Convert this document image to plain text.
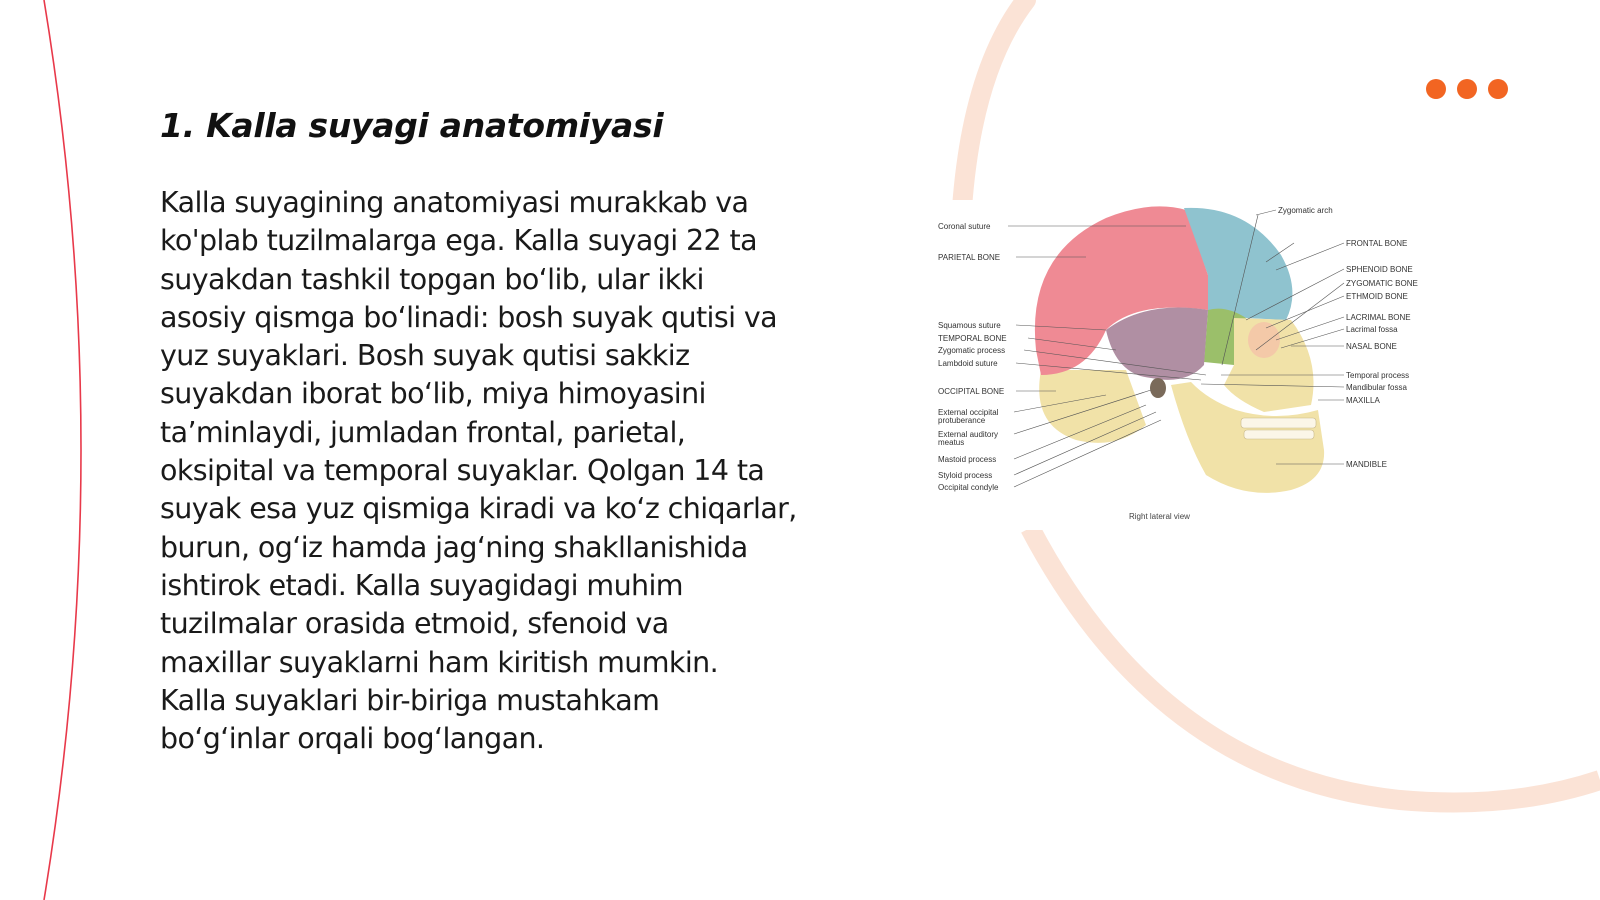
1. Kalla suyagi anatomiyasi

Kalla suyagining anatomiyasi murakkab va
ko'plab tuzilmalarga ega. Kalla suyagi 22 ta
suyakdan tashkil topgan bo‘lib, ular ikki
asosiy qismga bo‘linadi: bosh suyak qutisi va
yuz suyaklari. Bosh suyak qutisi sakkiz
suyakdan iborat bo‘lib, miya himoyasini
ta’minlaydi, jumladan frontal, parietal,
oksipital va temporal suyaklar. Qolgan 14 ta
suyak esa yuz qismiga kiradi va ko‘z chiqarlar,
burun, og‘iz hamda jag‘ning shakllanishida
ishtirok etadi. Kalla suyagidagi muhim
tuzilmalar orasida etmoid, sfenoid va
maxillar suyaklarni ham kiritish mumkin.
Kalla suyaklari bir-biriga mustahkam
bo‘g‘inlar orqali bog‘langan.

Coronal suture
PARIETAL BONE
Squamous suture
TEMPORAL BONE
Zygomatic process
Lambdoid suture
OCCIPITAL BONE
External occipital
protuberance
External auditory
meatus
Mastoid process
Styloid process
Occipital condyle
Zygomatic arch
FRONTAL BONE
SPHENOID BONE
ZYGOMATIC BONE
ETHMOID BONE
LACRIMAL BONE
Lacrimal fossa
NASAL BONE
Temporal process
Mandibular fossa
MAXILLA
MANDIBLE
Right lateral view
